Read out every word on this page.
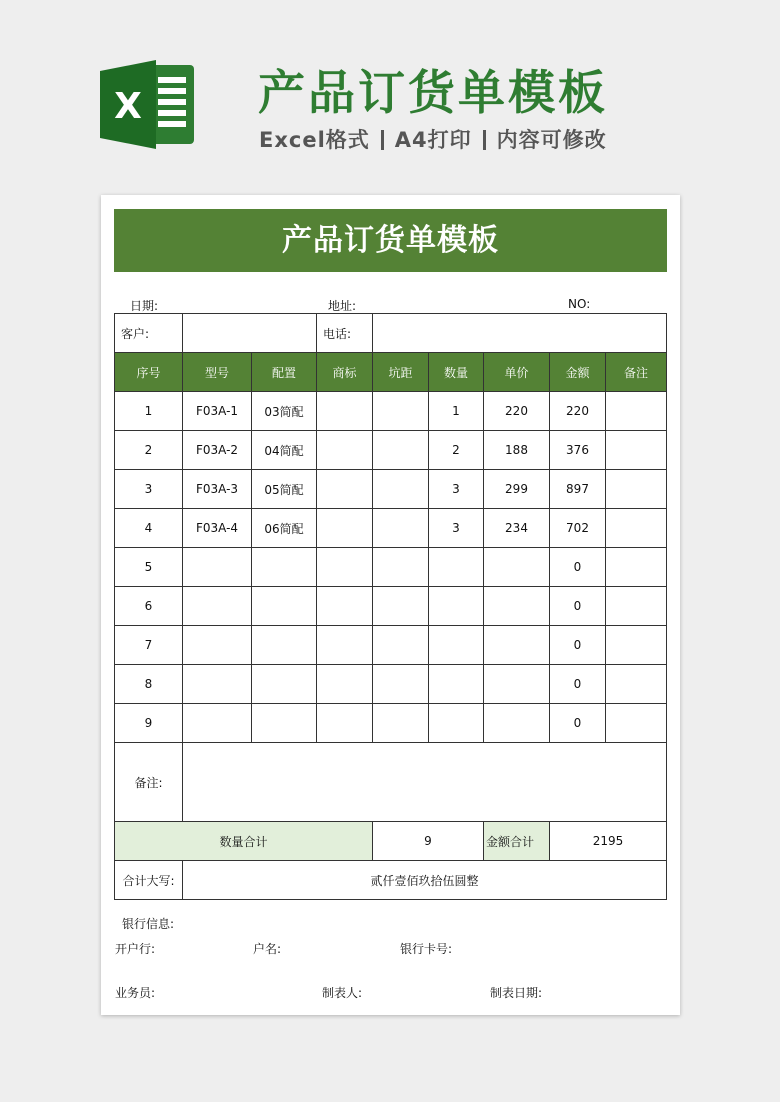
X 产品订货单模板
Excel格式 A4打印 内容可修改
产品订货单模板
日期:	地址:	NO:
客户:			电话:					
序号	型号	配置	商标	坑距	数量	单价	金额	备注
1	F03A-1	03简配			1	220	220	
2	F03A-2	04简配			2	188	376	
3	F03A-3	05简配			3	299	897	
4	F03A-4	06简配			3	234	702	
5							0	
6							0	
7							0	
8							0	
9							0	
备注:								
数量合计				9		金额合计	2195	
合计大写:	贰仟壹佰玖拾伍圆整							
银行信息:
开户行:	户名:	银行卡号:
业务员:	制表人:	制表日期:
